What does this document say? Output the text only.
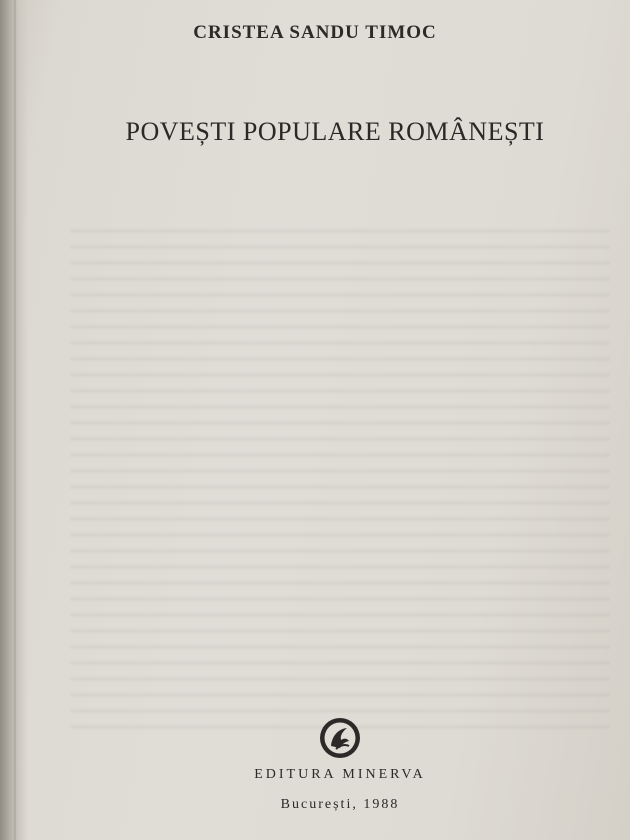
CRISTEA SANDU TIMOC
POVEȘTI POPULARE ROMÂNEȘTI
EDITURA MINERVA
București, 1988
